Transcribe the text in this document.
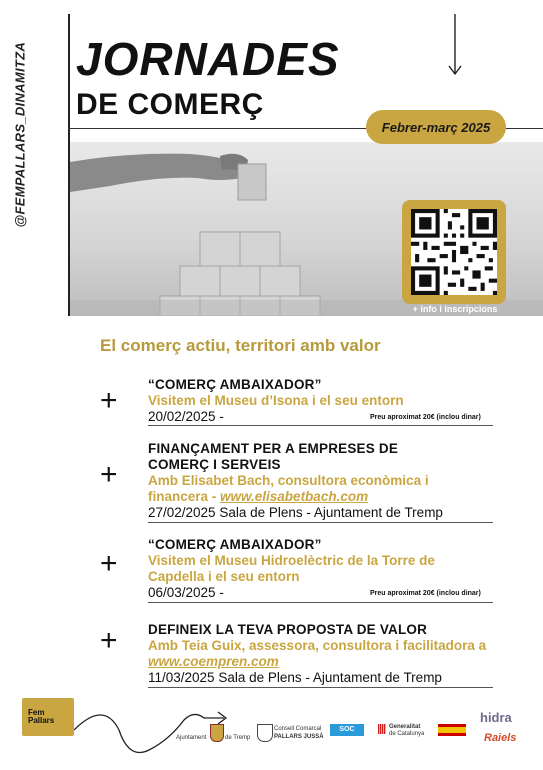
@FEMPALLARS_DINAMITZA JORNADES
DE COMERÇ
Febrer-març 2025
+ info i inscripcions
El comerç actiu, territori amb valor
+ “COMERÇ AMBAIXADOR”
Visitem el Museu d’Isona i el seu entorn
20/02/2025 -	Preu aproximat 20€ (inclou dinar)
+
FINANÇAMENT PER A EMPRESES DE
COMERÇ I SERVEIS
Amb Elisabet Bach, consultora econòmica i
financera - www.elisabetbach.com
27/02/2025 Sala de Plens - Ajuntament de Tremp
+
“COMERÇ AMBAIXADOR”
Visitem el Museu Hidroelèctric de la Torre de
Capdella i el seu entorn
06/03/2025 -	Preu aproximat 20€ (inclou dinar)
+ DEFINEIX LA TEVA PROPOSTA DE VALOR
Amb Teia Guix, assessora, consultora i facilitadora a
www.coempren.com
11/03/2025 Sala de Plens - Ajuntament de Tremp
Fem
Pallars
Ajuntament	de Tremp
Consell Comarcal
PALLARS JUSSÀ
SOC	Generalitat
de Catalunya
hidra
Raiels
